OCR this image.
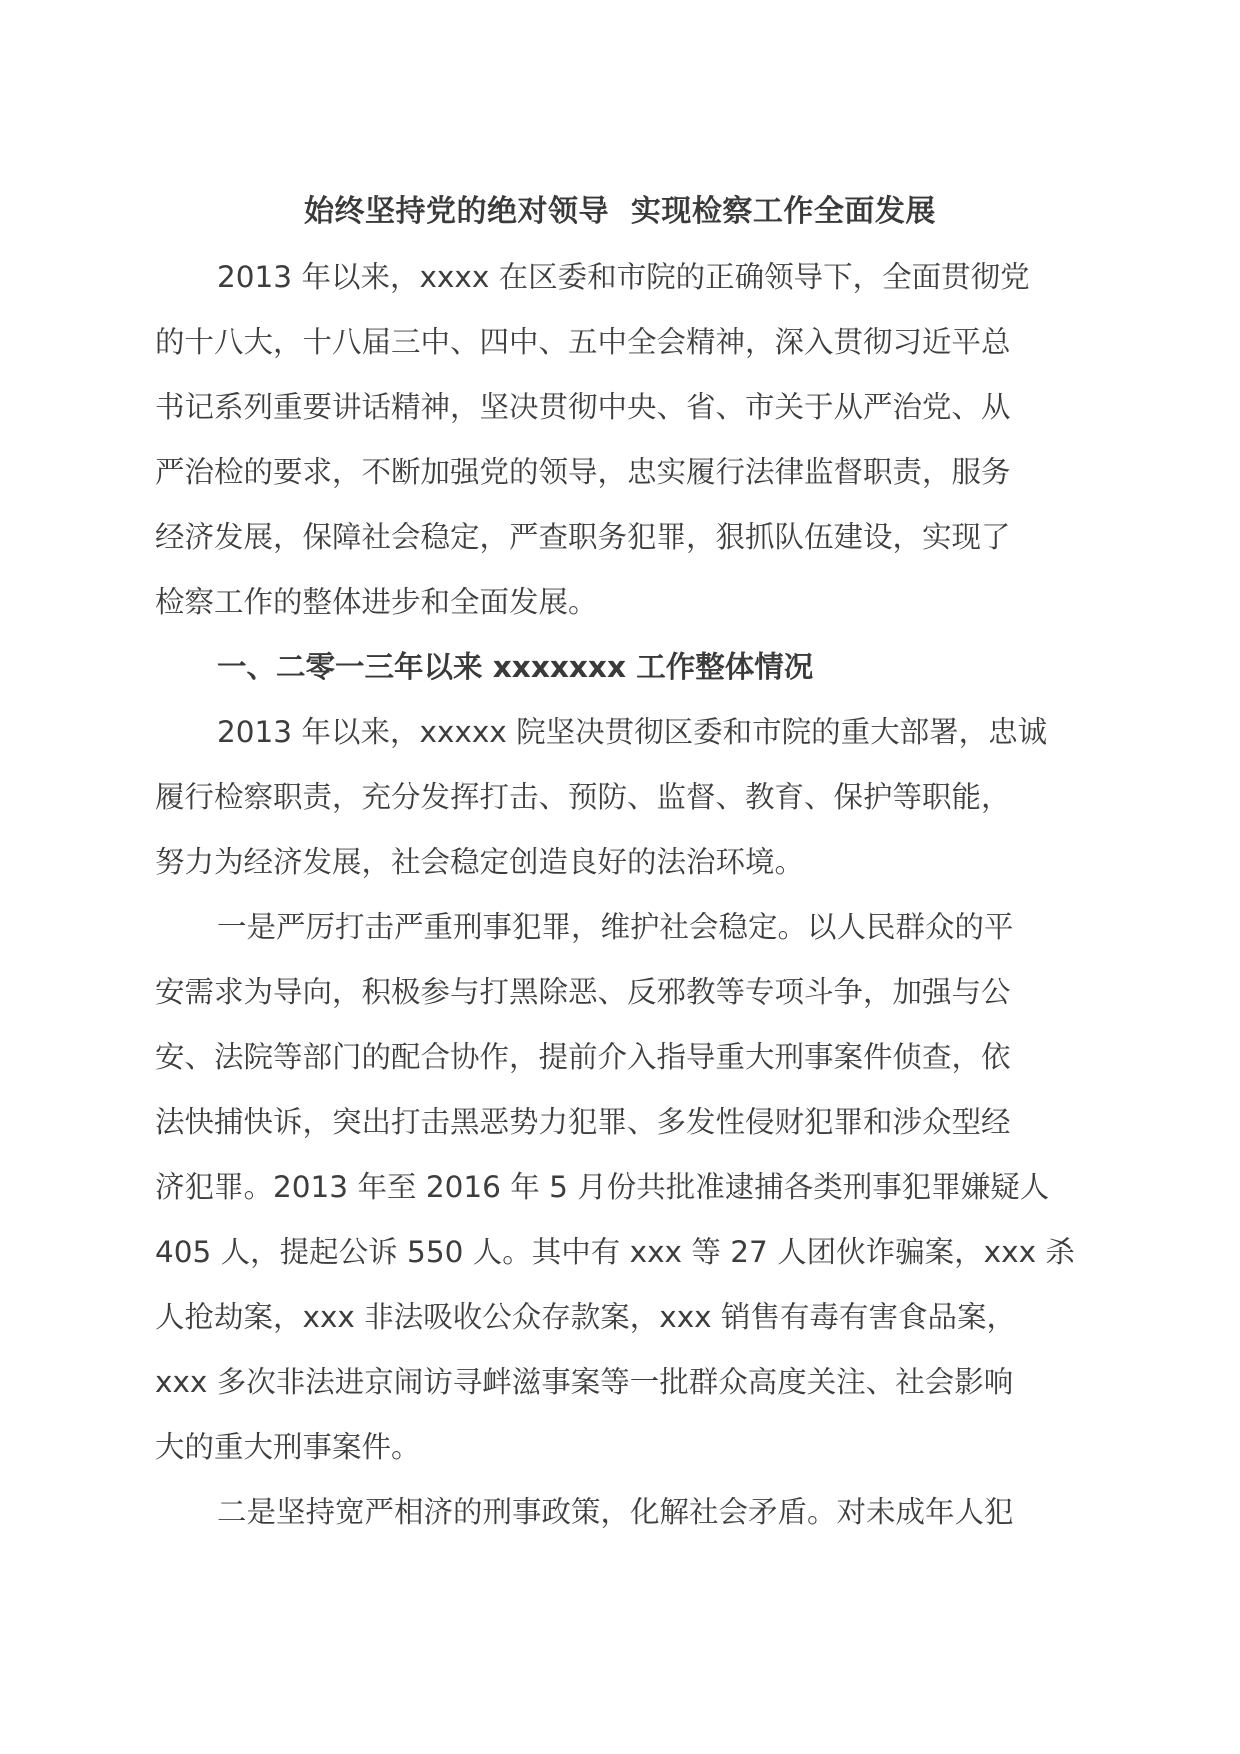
始终坚持党的绝对领导  实现检察工作全面发展
2013 年以来，xxxx 在区委和市院的正确领导下，全面贯彻党
的十八大，十八届三中、四中、五中全会精神，深入贯彻习近平总
书记系列重要讲话精神，坚决贯彻中央、省、市关于从严治党、从
严治检的要求，不断加强党的领导，忠实履行法律监督职责，服务
经济发展，保障社会稳定，严查职务犯罪，狠抓队伍建设，实现了
检察工作的整体进步和全面发展。
一、二零一三年以来 xxxxxxx 工作整体情况
2013 年以来，xxxxx 院坚决贯彻区委和市院的重大部署，忠诚
履行检察职责，充分发挥打击、预防、监督、教育、保护等职能，
努力为经济发展，社会稳定创造良好的法治环境。
一是严厉打击严重刑事犯罪，维护社会稳定。以人民群众的平
安需求为导向，积极参与打黑除恶、反邪教等专项斗争，加强与公
安、法院等部门的配合协作，提前介入指导重大刑事案件侦查，依
法快捕快诉，突出打击黑恶势力犯罪、多发性侵财犯罪和涉众型经
济犯罪。2013 年至 2016 年 5 月份共批准逮捕各类刑事犯罪嫌疑人
405 人，提起公诉 550 人。其中有 xxx 等 27 人团伙诈骗案，xxx 杀
人抢劫案，xxx 非法吸收公众存款案，xxx 销售有毒有害食品案，
xxx 多次非法进京闹访寻衅滋事案等一批群众高度关注、社会影响
大的重大刑事案件。
二是坚持宽严相济的刑事政策，化解社会矛盾。对未成年人犯
